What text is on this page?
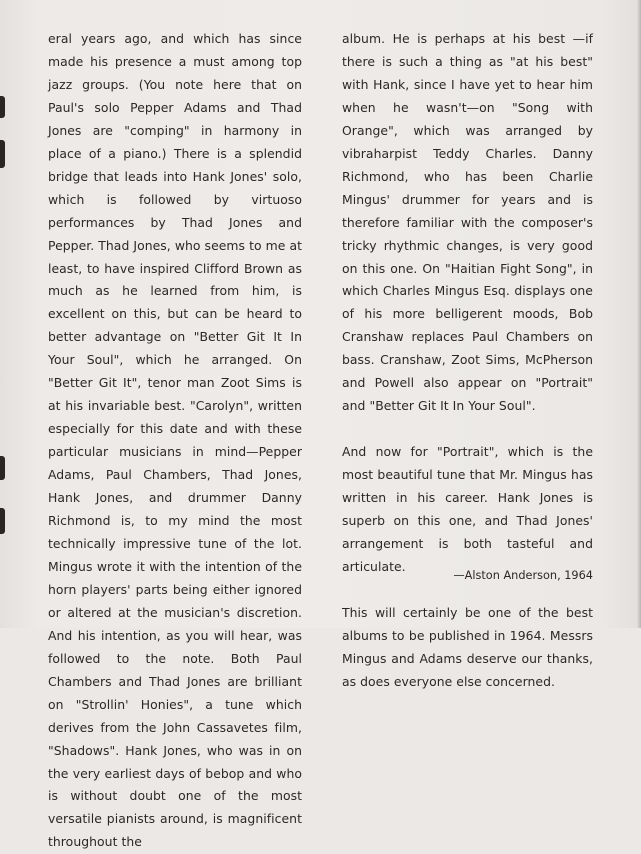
eral years ago, and which has since made his presence a must among top jazz groups. (You note here that on Paul's solo Pepper Adams and Thad Jones are "comping" in harmony in place of a piano.) There is a splendid bridge that leads into Hank Jones' solo, which is followed by virtuoso performances by Thad Jones and Pepper. Thad Jones, who seems to me at least, to have inspired Clifford Brown as much as he learned from him, is excellent on this, but can be heard to better advantage on "Better Git It In Your Soul", which he arranged. On "Better Git It", tenor man Zoot Sims is at his invariable best. "Carolyn", written especially for this date and with these particular musicians in mind—Pepper Adams, Paul Chambers, Thad Jones, Hank Jones, and drummer Danny Richmond is, to my mind the most technically impressive tune of the lot. Mingus wrote it with the intention of the horn players' parts being either ignored or altered at the musician's discretion. And his intention, as you will hear, was followed to the note. Both Paul Chambers and Thad Jones are brilliant on "Strollin' Honies", a tune which derives from the John Cassavetes film, "Shadows". Hank Jones, who was in on the very earliest days of bebop and who is without doubt one of the most versatile pianists around, is magnificent throughout the

album. He is perhaps at his best —if there is such a thing as "at his best" with Hank, since I have yet to hear him when he wasn't—on "Song with Orange", which was arranged by vibraharpist Teddy Charles. Danny Richmond, who has been Charlie Mingus' drummer for years and is therefore familiar with the composer's tricky rhythmic changes, is very good on this one. On "Haitian Fight Song", in which Charles Mingus Esq. displays one of his more belligerent moods, Bob Cranshaw replaces Paul Chambers on bass. Cranshaw, Zoot Sims, McPherson and Powell also appear on "Portrait" and "Better Git It In Your Soul".

And now for "Portrait", which is the most beautiful tune that Mr. Mingus has written in his career. Hank Jones is superb on this one, and Thad Jones' arrangement is both tasteful and articulate.

This will certainly be one of the best albums to be published in 1964. Messrs Mingus and Adams deserve our thanks, as does everyone else concerned.

—Alston Anderson, 1964
